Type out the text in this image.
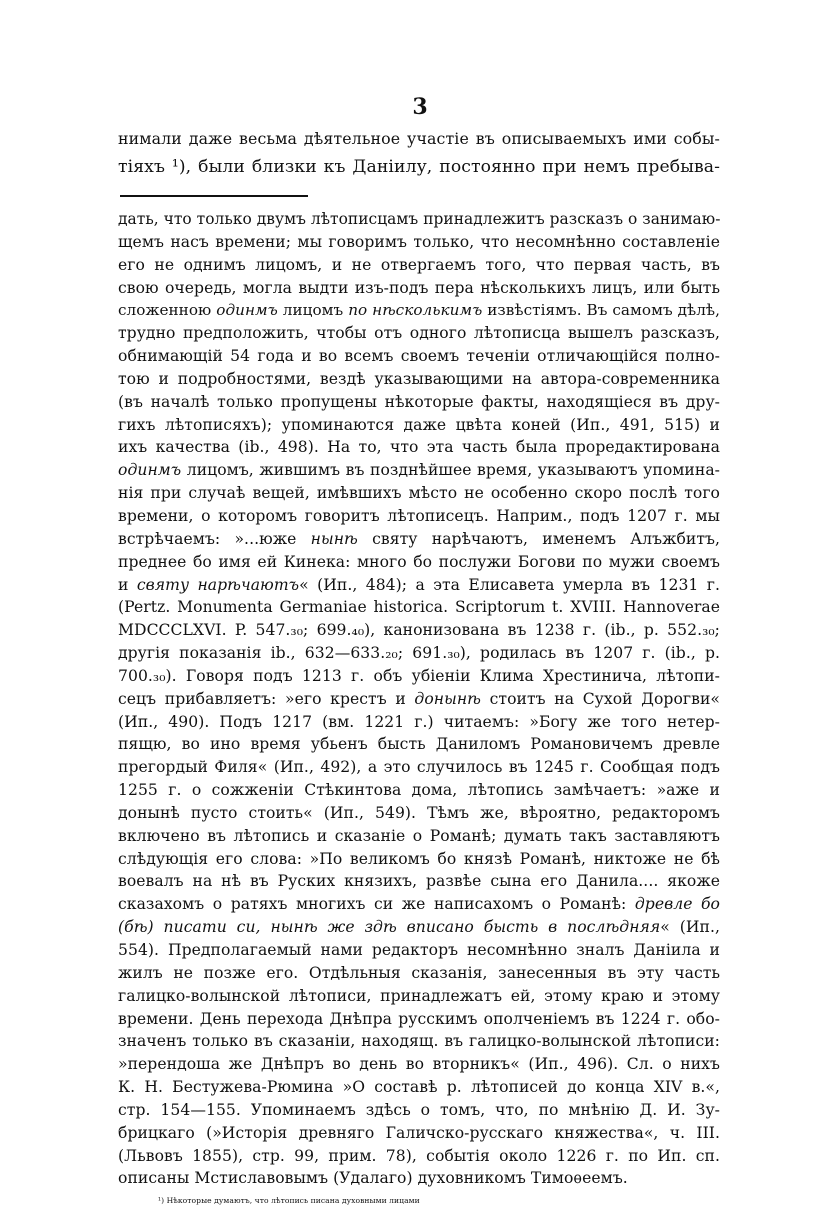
3
нимали даже весьма дѣятельное участіе въ описываемыхъ ими собы-
тіяхъ ¹), были близки къ Даніилу, постоянно при немъ пребыва-
дать, что только двумъ лѣтописцамъ принадлежитъ разсказъ о занимаю-
щемъ насъ времени; мы говоримъ только, что несомнѣнно составленіе
его не однимъ лицомъ, и не отвергаемъ того, что первая часть, въ
свою очередь, могла выдти изъ-подъ пера нѣсколькихъ лицъ, или быть
сложенною одинмъ лицомъ по нѣсколькимъ извѣстіямъ. Въ самомъ дѣлѣ,
трудно предположить, чтобы отъ одного лѣтописца вышелъ разсказъ,
обнимающій 54 года и во всемъ своемъ теченіи отличающійся полно-
тою и подробностями, вездѣ указывающими на автора-современника
(въ началѣ только пропущены нѣкоторые факты, находящіеся въ дру-
гихъ лѣтописяхъ); упоминаются даже цвѣта коней (Ип., 491, 515) и
ихъ качества (ib., 498). На то, что эта часть была проредактирована
одинмъ лицомъ, жившимъ въ позднѣйшее время, указываютъ упомина-
нія при случаѣ вещей, имѣвшихъ мѣсто не особенно скоро послѣ того
времени, о которомъ говоритъ лѣтописецъ. Наприм., подъ 1207 г. мы
встрѣчаемъ: »...юже нынѣ святу нарѣчаютъ, именемъ Алъжбитъ,
преднее бо имя ей Кинека: много бо послужи Богови по мужи своемъ
и святу нарѣчаютъ« (Ип., 484); а эта Елисавета умерла въ 1231 г.
(Pertz. Monumenta Germaniae historica. Scriptorum t. XVIII. Hannoverae
MDCCCLXVI. P. 547.₃₀; 699.₄₀), канонизована въ 1238 г. (ib., p. 552.₃₀;
другія показанія ib., 632—633.₂₀; 691.₃₀), родилась въ 1207 г. (ib., p.
700.₃₀). Говоря подъ 1213 г. объ убіеніи Клима Хрестинича, лѣтопи-
сецъ прибавляетъ: »его крестъ и донынѣ стоитъ на Сухой Дорогви«
(Ип., 490). Подъ 1217 (вм. 1221 г.) читаемъ: »Богу же того нетер-
пящю, во ино время убьенъ бысть Даниломъ Романовичемъ древле
прегордый Филя« (Ип., 492), а это случилось въ 1245 г. Сообщая подъ
1255 г. о сожженіи Стѣкинтова дома, лѣтопись замѣчаетъ: »аже и
донынѣ пусто стоить« (Ип., 549). Тѣмъ же, вѣроятно, редакторомъ
включено въ лѣтопись и сказаніе о Романѣ; думать такъ заставляютъ
слѣдующія его слова: »По великомъ бо князѣ Романѣ, никтоже не бѣ
воевалъ на нѣ въ Руских князихъ, развѣе сына его Данила.... якоже
сказахомъ о ратяхъ многихъ си же написахомъ о Романѣ: древле бо
(бѣ) писати си, нынѣ же здѣ вписано бысть в послѣдняя« (Ип.,
554). Предполагаемый нами редакторъ несомнѣнно зналъ Даніила и
жилъ не позже его. Отдѣльныя сказанія, занесенныя въ эту часть
галицко-волынской лѣтописи, принадлежатъ ей, этому краю и этому
времени. День перехода Днѣпра русскимъ ополченіемъ въ 1224 г. обо-
значенъ только въ сказаніи, находящ. въ галицко-волынской лѣтописи:
»перендоша же Днѣпръ во день во вторникъ« (Ип., 496). Сл. о нихъ
К. Н. Бестужева-Рюмина »О составѣ р. лѣтописей до конца XIV в.«,
стр. 154—155. Упоминаемъ здѣсь о томъ, что, по мнѣнію Д. И. Зу-
брицкаго (»Исторія древняго Галичско-русскаго княжества«, ч. III.
(Львовъ 1855), стр. 99, прим. 78), событія около 1226 г. по Ип. сп.
описаны Мстиславовымъ (Удалаго) духовникомъ Тимоѳеемъ.
¹) Нѣкоторые думаютъ, что лѣтопись писана духовными лицами
